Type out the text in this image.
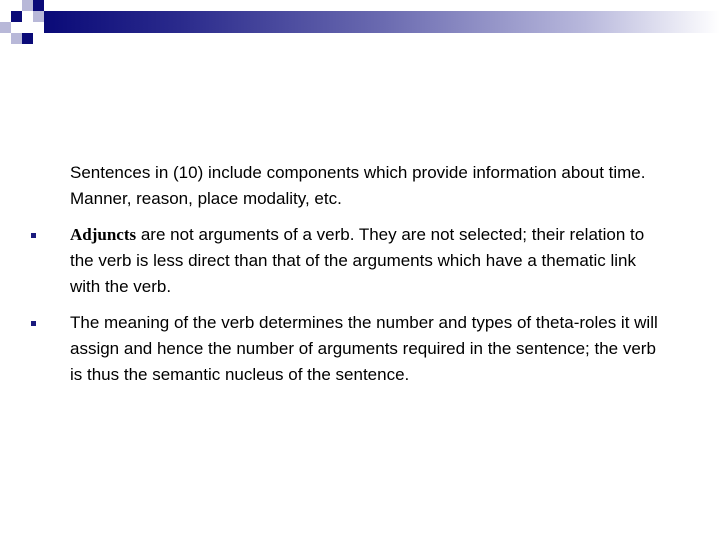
Sentences in (10) include components which provide information about time. Manner, reason, place modality, etc.

Adjuncts are not arguments of a verb. They are not selected; their relation to the verb is less direct than that of the arguments which have a thematic link with the verb.

The meaning of the verb determines the number and types of theta-roles it will assign and hence the number of arguments required in the sentence; the verb is thus the semantic nucleus of the sentence.
